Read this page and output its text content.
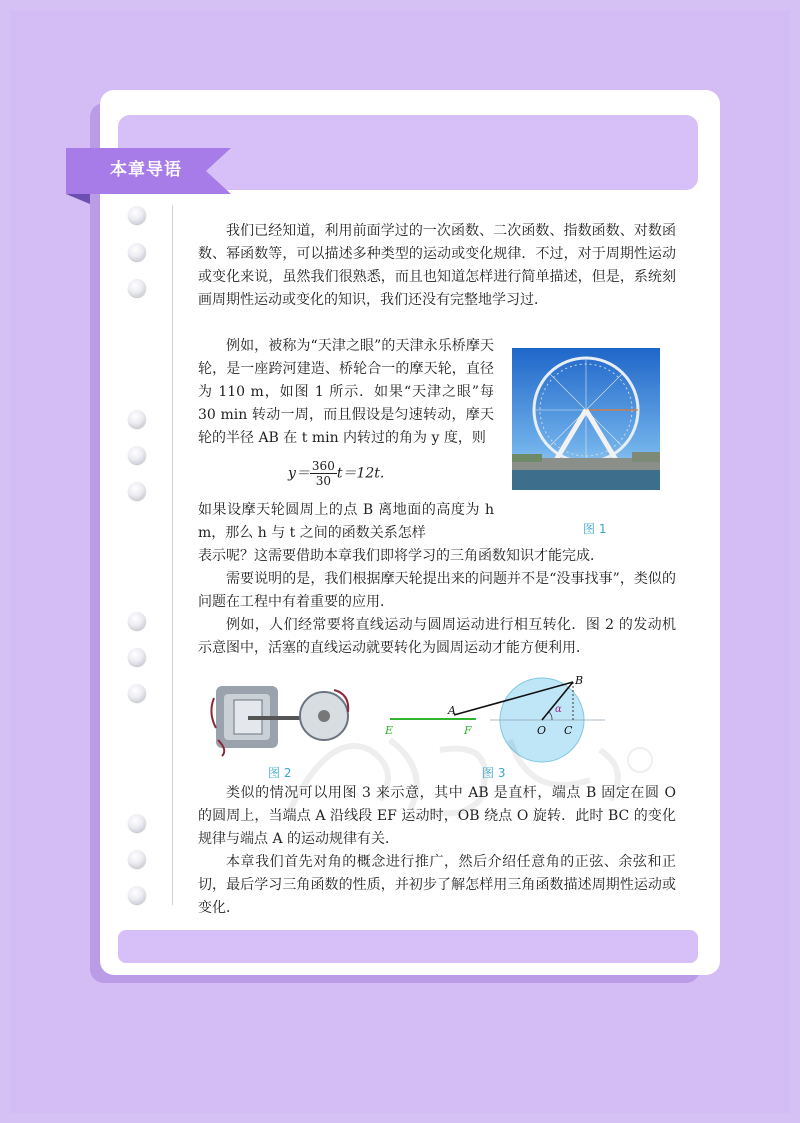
本章导语

我们已经知道，利用前面学过的一次函数、二次函数、指数函数、对数函数、幂函数等，可以描述多种类型的运动或变化规律．不过，对于周期性运动或变化来说，虽然我们很熟悉，而且也知道怎样进行简单描述，但是，系统刻画周期性运动或变化的知识，我们还没有完整地学习过．

例如，被称为“天津之眼”的天津永乐桥摩天轮，是一座跨河建造、桥轮合一的摩天轮，直径为 110 m，如图 1 所示．如果“天津之眼”每 30 min 转动一周，而且假设是匀速转动，摩天轮的半径 AB 在 t min 内转过的角为 y 度，则

$y= \frac{360}{30} t=12t$.

如果设摩天轮圆周上的点 B 离地面的高度为 h m，那么 h 与 t 之间的函数关系怎样	图 1

表示呢？这需要借助本章我们即将学习的三角函数知识才能完成．

需要说明的是，我们根据摩天轮提出来的问题并不是“没事找事”，类似的问题在工程中有着重要的应用．

例如，人们经常要将直线运动与圆周运动进行相互转化．图 2 的发动机示意图中，活塞的直线运动就要转化为圆周运动才能方便利用．

图 2
E	F
A
B
O C
α
图 3

类似的情况可以用图 3 来示意，其中 AB 是直杆，端点 B 固定在圆 O 的圆周上，当端点 A 沿线段 EF 运动时，OB 绕点 O 旋转．此时 BC 的变化规律与端点 A 的运动规律有关．

本章我们首先对角的概念进行推广，然后介绍任意角的正弦、余弦和正切，最后学习三角函数的性质，并初步了解怎样用三角函数描述周期性运动或变化．
